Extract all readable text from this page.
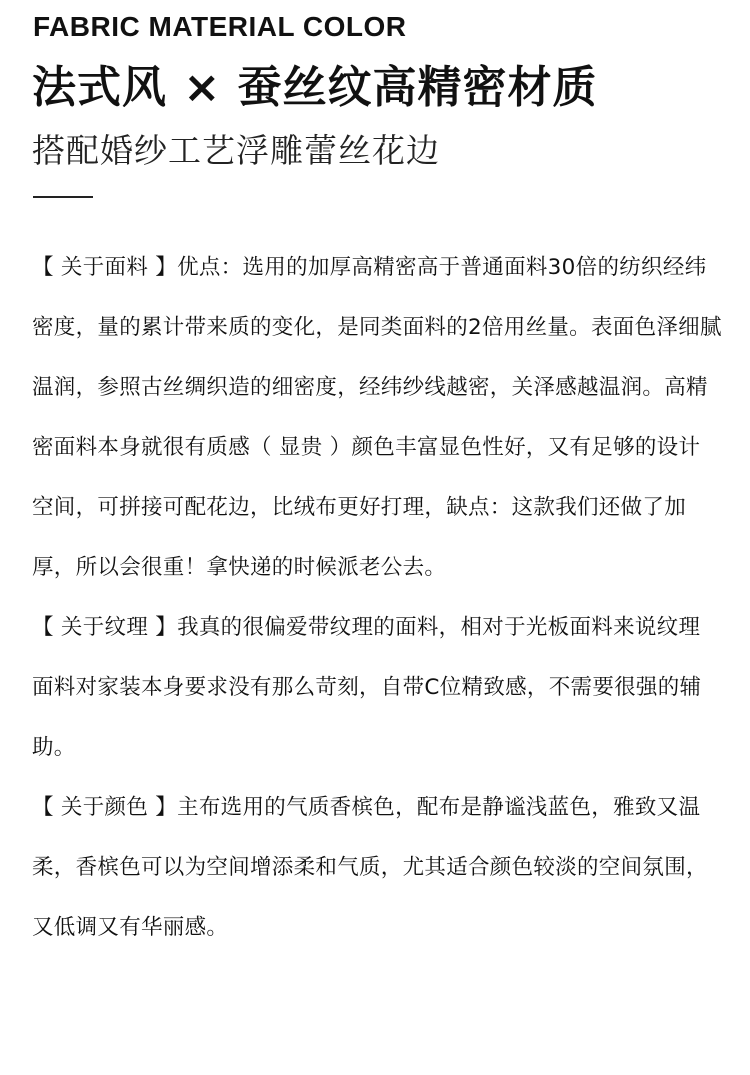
FABRIC MATERIAL COLOR
法式风 × 蚕丝纹高精密材质
搭配婚纱工艺浮雕蕾丝花边

【 关于面料 】优点：选用的加厚高精密高于普通面料30倍的纺织经纬密度，量的累计带来质的变化，是同类面料的2倍用丝量。表面色泽细腻温润，参照古丝绸织造的细密度，经纬纱线越密，关泽感越温润。高精密面料本身就很有质感（ 显贵 ）颜色丰富显色性好，又有足够的设计空间，可拼接可配花边，比绒布更好打理，缺点：这款我们还做了加厚，所以会很重！拿快递的时候派老公去。

【 关于纹理 】我真的很偏爱带纹理的面料，相对于光板面料来说纹理面料对家装本身要求没有那么苛刻，自带C位精致感，不需要很强的辅助。

【 关于颜色 】主布选用的气质香槟色，配布是静谧浅蓝色，雅致又温柔，香槟色可以为空间增添柔和气质，尤其适合颜色较淡的空间氛围，又低调又有华丽感。
